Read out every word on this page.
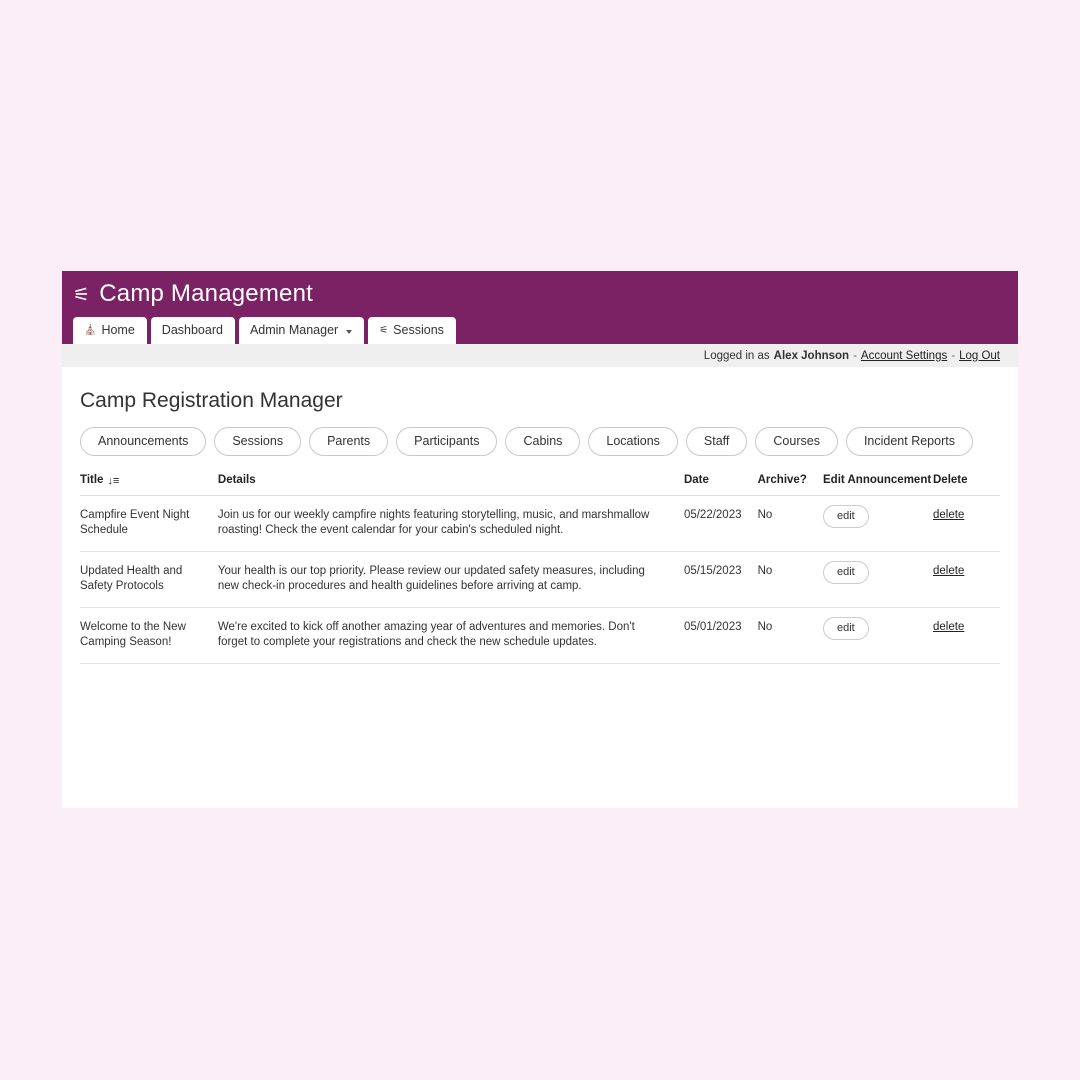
⚟ Camp Management
⛪ Home Dashboard Admin Manager	⚟ Sessions
Logged in as Alex Johnson - Account Settings - Log Out
Camp Registration Manager
Announcements	Sessions	Parents	Participants	Cabins	Locations	Staff	Courses	Incident Reports
Title ↓≡	Details	Date	Archive?	Edit Announcement	Delete
Campfire Event Night Schedule	Join us for our weekly campfire nights featuring storytelling, music, and marshmallow roasting! Check the event calendar for your cabin's scheduled night.	05/22/2023	No	edit	delete
Updated Health and Safety Protocols	Your health is our top priority. Please review our updated safety measures, including new check-in procedures and health guidelines before arriving at camp.	05/15/2023	No	edit	delete
Welcome to the New Camping Season!	We're excited to kick off another amazing year of adventures and memories. Don't forget to complete your registrations and check the new schedule updates.	05/01/2023	No	edit	delete
